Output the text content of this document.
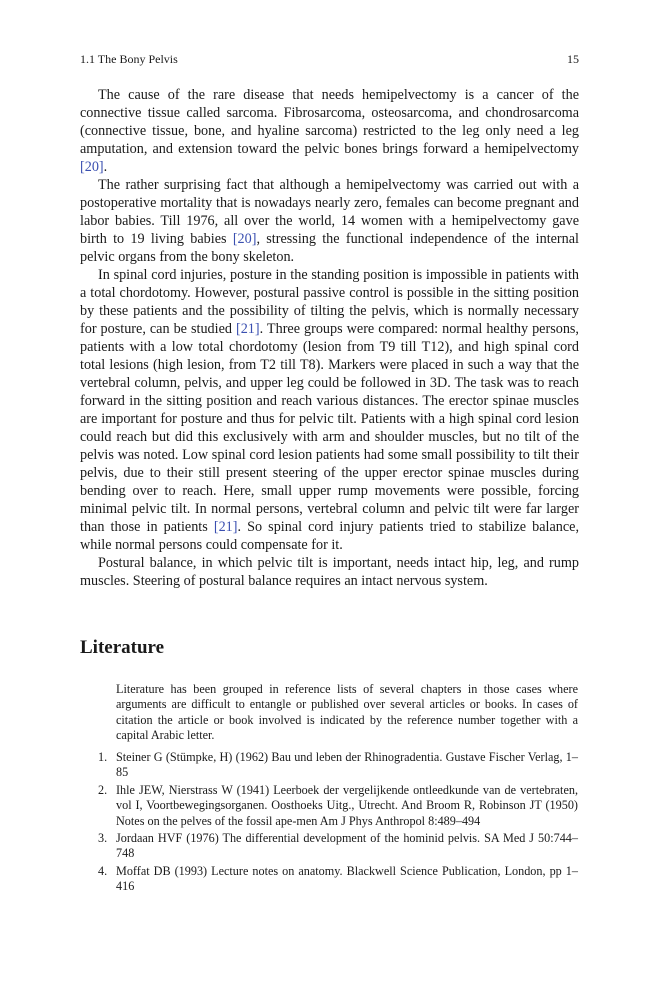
1.1 The Bony Pelvis	15

The cause of the rare disease that needs hemipelvectomy is a cancer of the connective tissue called sarcoma. Fibrosarcoma, osteosarcoma, and chondrosarcoma (connective tissue, bone, and hyaline sarcoma) restricted to the leg only need a leg amputation, and extension toward the pelvic bones brings forward a hemipelvectomy [20].

The rather surprising fact that although a hemipelvectomy was carried out with a postoperative mortality that is nowadays nearly zero, females can become pregnant and labor babies. Till 1976, all over the world, 14 women with a hemipelvectomy gave birth to 19 living babies [20], stressing the functional independence of the internal pelvic organs from the bony skeleton.

In spinal cord injuries, posture in the standing position is impossible in patients with a total chordotomy. However, postural passive control is possible in the sitting position by these patients and the possibility of tilting the pelvis, which is normally necessary for posture, can be studied [21]. Three groups were compared: normal healthy persons, patients with a low total chordotomy (lesion from T9 till T12), and high spinal cord total lesions (high lesion, from T2 till T8). Markers were placed in such a way that the vertebral column, pelvis, and upper leg could be followed in 3D. The task was to reach forward in the sitting position and reach various distances. The erector spinae muscles are important for posture and thus for pelvic tilt. Patients with a high spinal cord lesion could reach but did this exclusively with arm and shoulder muscles, but no tilt of the pelvis was noted. Low spinal cord lesion patients had some small possibility to tilt their pelvis, due to their still present steering of the upper erector spinae muscles during bending over to reach. Here, small upper rump movements were possible, forcing minimal pelvic tilt. In normal persons, vertebral column and pelvic tilt were far larger than those in patients [21]. So spinal cord injury patients tried to stabilize balance, while normal persons could compensate for it.

Postural balance, in which pelvic tilt is important, needs intact hip, leg, and rump muscles. Steering of postural balance requires an intact nervous system.

Literature

Literature has been grouped in reference lists of several chapters in those cases where arguments are difficult to entangle or published over several articles or books. In cases of citation the article or book involved is indicated by the reference number together with a capital Arabic letter.

1. Steiner G (Stümpke, H) (1962) Bau und leben der Rhinogradentia. Gustave Fischer Verlag, 1–85
2. Ihle JEW, Nierstrass W (1941) Leerboek der vergelijkende ontleedkunde van de vertebraten, vol I, Voortbewegingsorganen. Oosthoeks Uitg., Utrecht. And Broom R, Robinson JT (1950) Notes on the pelves of the fossil ape-men Am J Phys Anthropol 8:489–494
3. Jordaan HVF (1976) The differential development of the hominid pelvis. SA Med J 50:744–748
4. Moffat DB (1993) Lecture notes on anatomy. Blackwell Science Publication, London, pp 1–416
